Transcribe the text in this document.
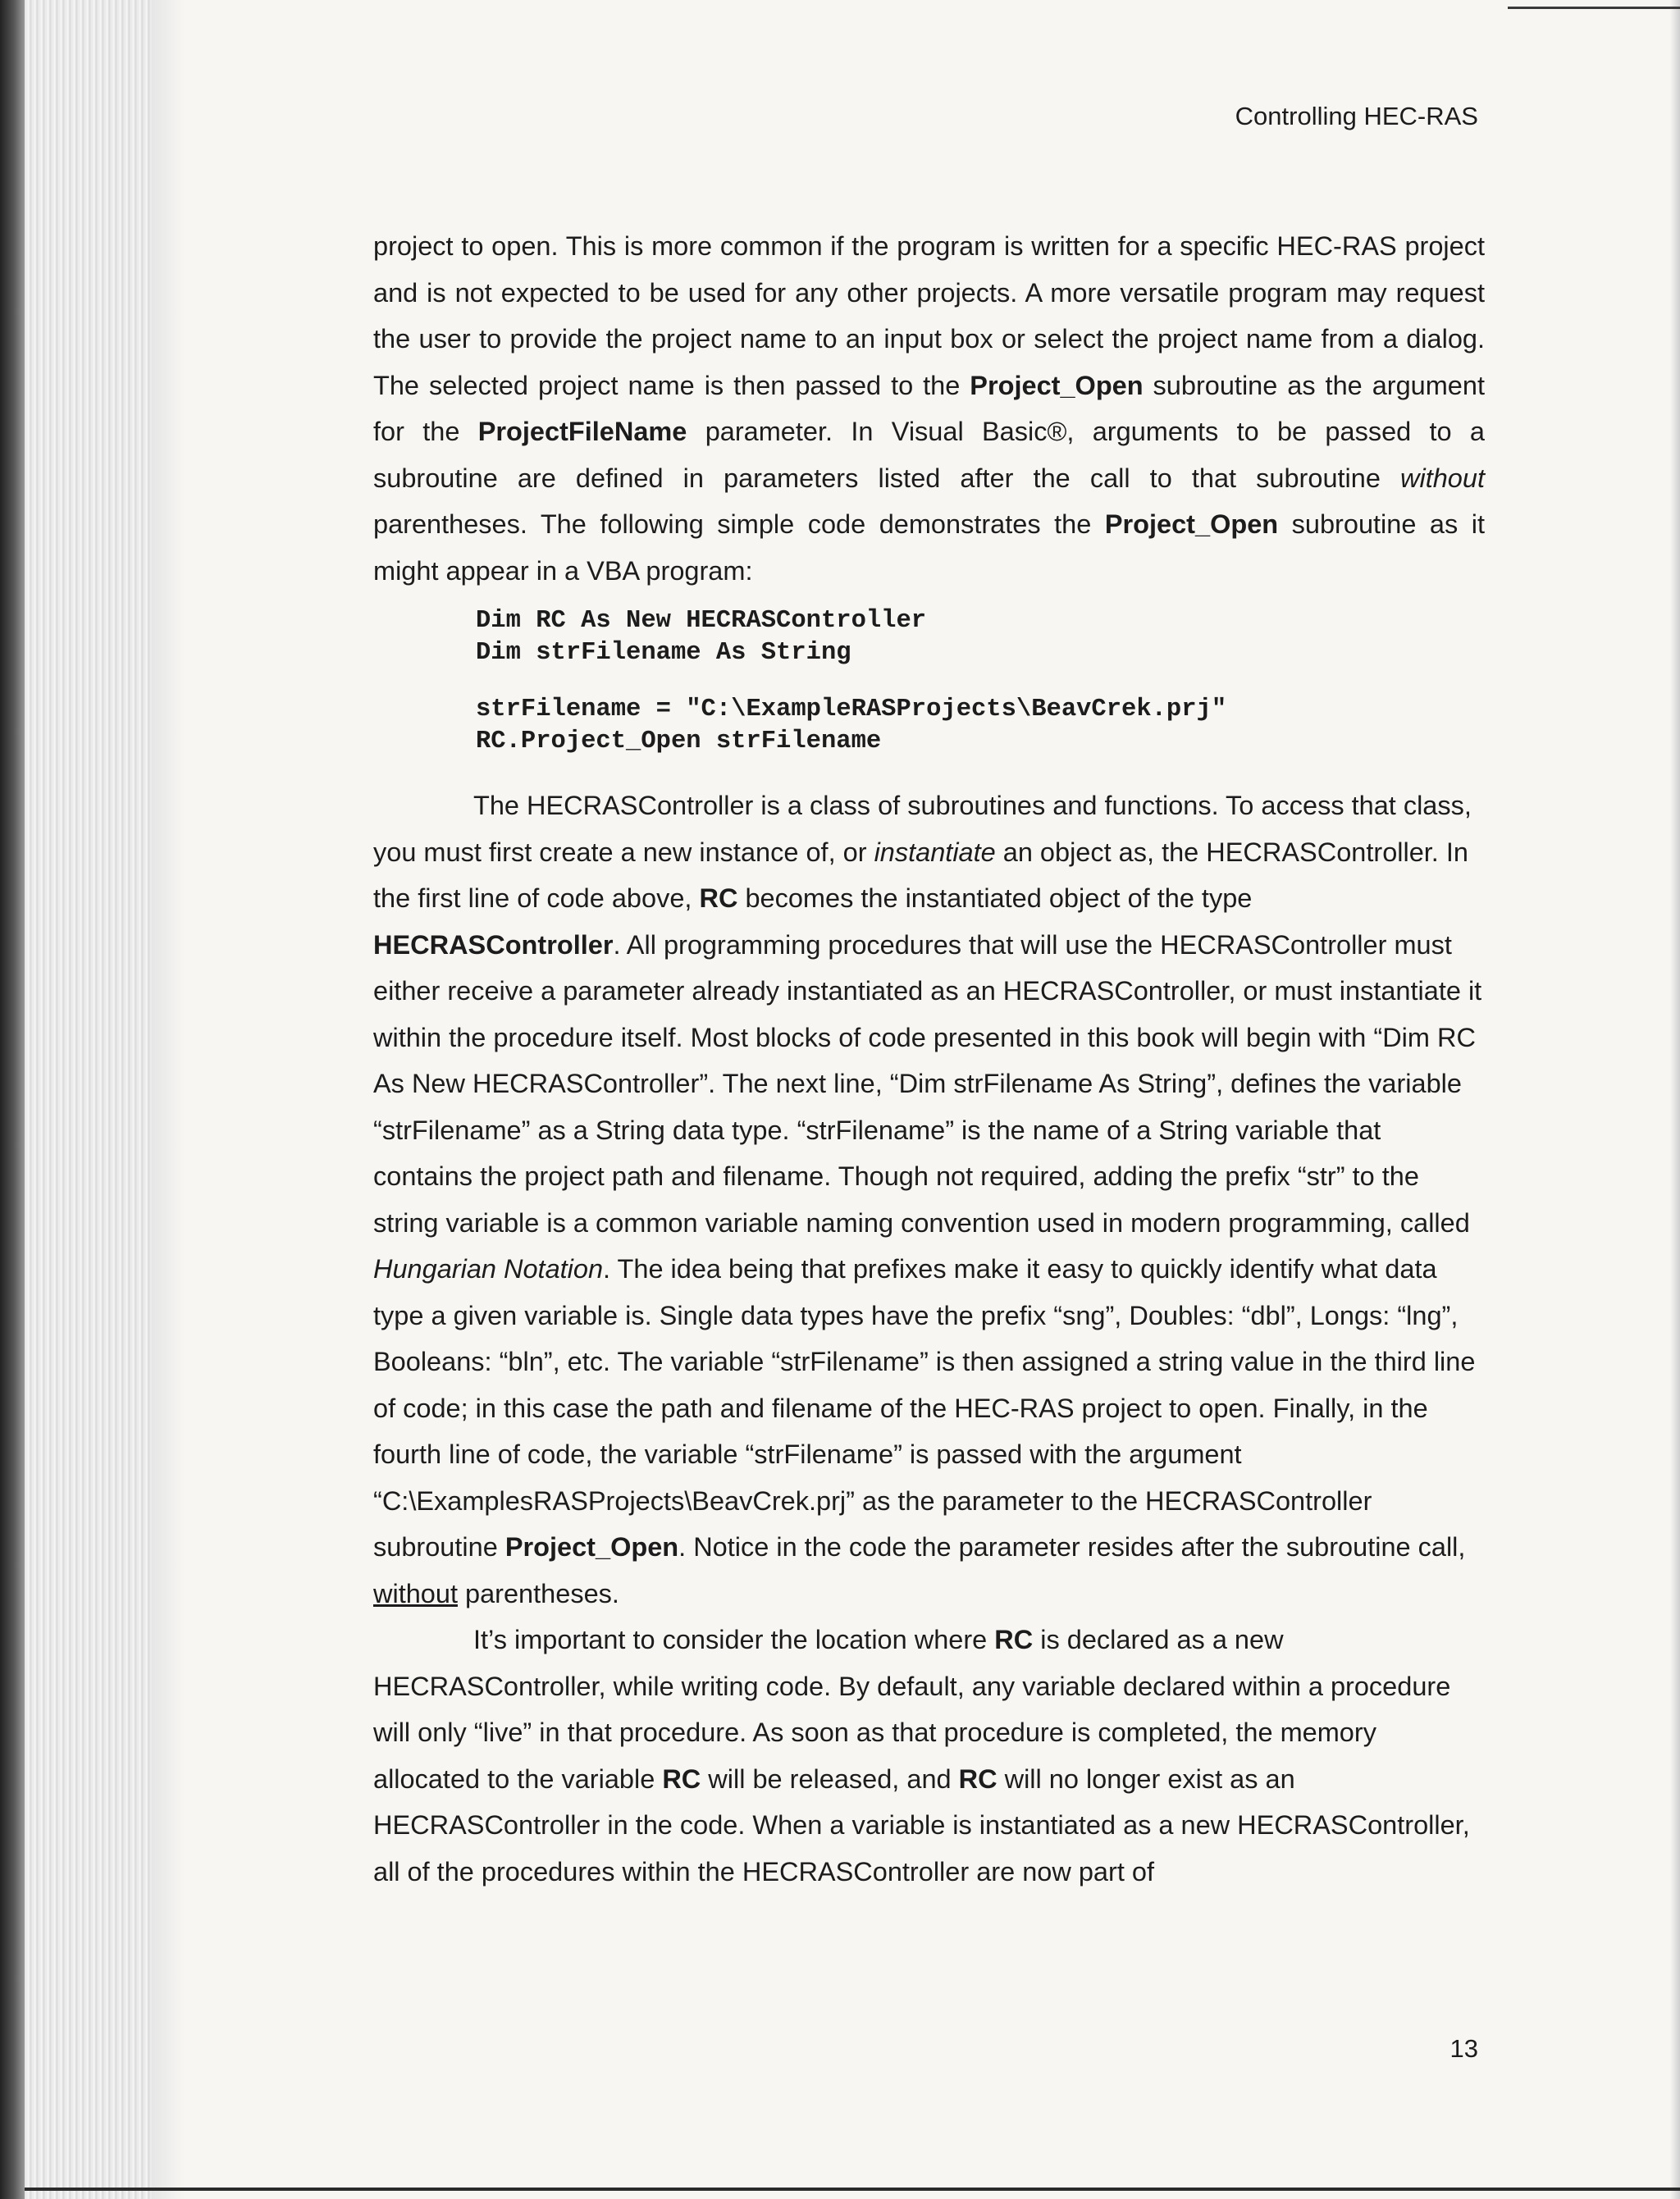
Controlling HEC-RAS

project to open. This is more common if the program is written for a specific HEC-RAS project and is not expected to be used for any other projects. A more versatile program may request the user to provide the project name to an input box or select the project name from a dialog. The selected project name is then passed to the Project_Open subroutine as the argument for the ProjectFileName parameter. In Visual Basic®, arguments to be passed to a subroutine are defined in parameters listed after the call to that subroutine without parentheses. The following simple code demonstrates the Project_Open subroutine as it might appear in a VBA program:

Dim RC As New HECRASController
Dim strFilename As String
strFilename = "C:\ExampleRASProjects\BeavCrek.prj"
RC.Project_Open strFilename

The HECRASController is a class of subroutines and functions. To access that class, you must first create a new instance of, or instantiate an object as, the HECRASController. In the first line of code above, RC becomes the instantiated object of the type HECRASController. All programming procedures that will use the HECRASController must either receive a parameter already instantiated as an HECRASController, or must instantiate it within the procedure itself. Most blocks of code presented in this book will begin with “Dim RC As New HECRASController”. The next line, “Dim strFilename As String”, defines the variable “strFilename” as a String data type. “strFilename” is the name of a String variable that contains the project path and filename. Though not required, adding the prefix “str” to the string variable is a common variable naming convention used in modern programming, called Hungarian Notation. The idea being that prefixes make it easy to quickly identify what data type a given variable is. Single data types have the prefix “sng”, Doubles: “dbl”, Longs: “lng”, Booleans: “bln”, etc. The variable “strFilename” is then assigned a string value in the third line of code; in this case the path and filename of the HEC-RAS project to open. Finally, in the fourth line of code, the variable “strFilename” is passed with the argument “C:\ExamplesRASProjects\BeavCrek.prj” as the parameter to the HECRASController subroutine Project_Open. Notice in the code the parameter resides after the subroutine call, without parentheses.

It’s important to consider the location where RC is declared as a new HECRASController, while writing code. By default, any variable declared within a procedure will only “live” in that procedure. As soon as that procedure is completed, the memory allocated to the variable RC will be released, and RC will no longer exist as an HECRASController in the code. When a variable is instantiated as a new HECRASController, all of the procedures within the HECRASController are now part of

13
